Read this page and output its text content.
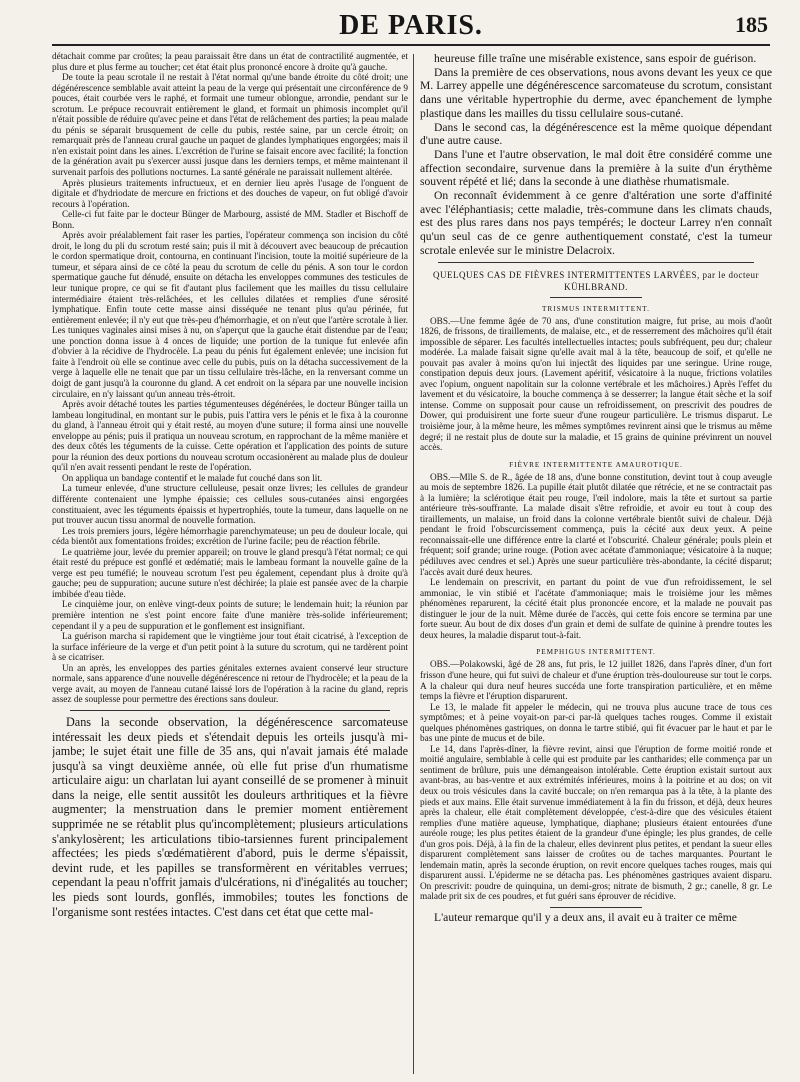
DE PARIS.	185

détachait comme par croûtes; la peau paraissait être dans un état de contractilité augmentée, et plus dure et plus ferme au toucher; cet état était plus prononcé encore à droite qu'à gauche.

De toute la peau scrotale il ne restait à l'état normal qu'une bande étroite du côté droit; une dégénérescence semblable avait atteint la peau de la verge qui présentait une circonférence de 9 pouces, était courbée vers le raphé, et formait une tumeur oblongue, arrondie, pendant sur le scrotum. Le prépuce recouvrait entièrement le gland, et formait un phimosis incomplet qu'il n'était possible de réduire qu'avec peine et dans l'état de relâchement des parties; la peau malade du pénis se séparait brusquement de celle du pubis, restée saine, par un cercle étroit; on remarquait près de l'anneau crural gauche un paquet de glandes lymphatiques engorgées; mais il n'en existait point dans les aines. L'excrétion de l'urine se faisait encore avec facilité; la fonction de la génération avait pu s'exercer aussi jusque dans les derniers temps, et même maintenant il survenait parfois des pollutions nocturnes. La santé générale ne paraissait nullement altérée.

Après plusieurs traitements infructueux, et en dernier lieu après l'usage de l'onguent de digitale et d'hydriodate de mercure en frictions et des douches de vapeur, on fut obligé d'avoir recours à l'opération.

Celle-ci fut faite par le docteur Bünger de Marbourg, assisté de MM. Stadler et Bischoff de Bonn.

Après avoir préalablement fait raser les parties, l'opérateur commença son incision du côté droit, le long du pli du scrotum resté sain; puis il mit à découvert avec beaucoup de précaution le cordon spermatique droit, contourna, en continuant l'incision, toute la moitié supérieure de la tumeur, et sépara ainsi de ce côté la peau du scrotum de celle du pénis. A son tour le cordon spermatique gauche fut dénudé, ensuite on détacha les enveloppes communes des testicules de leur tunique propre, ce qui se fit d'autant plus facilement que les mailles du tissu cellulaire intermédiaire étaient très-relâchées, et les cellules dilatées et remplies d'une sérosité lymphatique. Enfin toute cette masse ainsi disséquée ne tenant plus qu'au périnée, fut entièrement enlevée; il n'y eut que très-peu d'hémorrhagie, et on n'eut que l'artère scrotale à lier. Les tuniques vaginales ainsi mises à nu, on s'aperçut que la gauche était distendue par de l'eau; une ponction donna issue à 4 onces de liquide; une portion de la tunique fut enlevée afin d'obvier à la récidive de l'hydrocèle. La peau du pénis fut également enlevée; une incision fut faite à l'endroit où elle se continue avec celle du pubis, puis on la détacha successivement de la verge à laquelle elle ne tenait que par un tissu cellulaire très-lâche, en la renversant comme un doigt de gant jusqu'à la couronne du gland. A cet endroit on la sépara par une nouvelle incision circulaire, en n'y laissant qu'un anneau très-étroit.

Après avoir détaché toutes les parties tégumenteuses dégénérées, le docteur Bünger tailla un lambeau longitudinal, en montant sur le pubis, puis l'attira vers le pénis et le fixa à la couronne du gland, à l'anneau étroit qui y était resté, au moyen d'une suture; il forma ainsi une nouvelle enveloppe au pénis; puis il pratiqua un nouveau scrotum, en rapprochant de la même manière et des deux côtés les téguments de la cuisse. Cette opération et l'application des points de suture pour la réunion des deux portions du nouveau scrotum occasionèrent au malade plus de douleur qu'il n'en avait ressenti pendant le reste de l'opération.

On appliqua un bandage contentif et le malade fut couché dans son lit.

La tumeur enlevée, d'une structure celluleuse, pesait onze livres; les cellules de grandeur différente contenaient une lymphe épaissie; ces cellules sous-cutanées ainsi engorgées constituaient, avec les téguments épaissis et hypertrophiés, toute la tumeur, dans laquelle on ne put trouver aucun tissu anormal de nouvelle formation.

Les trois premiers jours, légère hémorrhagie parenchymateuse; un peu de douleur locale, qui céda bientôt aux fomentations froides; excrétion de l'urine facile; peu de réaction fébrile.

Le quatrième jour, levée du premier appareil; on trouve le gland presqu'à l'état normal; ce qui était resté du prépuce est gonflé et œdématié; mais le lambeau formant la nouvelle gaîne de la verge est peu tuméfié; le nouveau scrotum l'est peu également, cependant plus à droite qu'à gauche; peu de suppuration; aucune suture n'est déchirée; la plaie est pansée avec de la charpie imbibée d'eau tiède.

Le cinquième jour, on enlève vingt-deux points de suture; le lendemain huit; la réunion par première intention ne s'est point encore faite d'une manière très-solide inférieurement; cependant il y a peu de suppuration et le gonflement est insignifiant.

La guérison marcha si rapidement que le vingtième jour tout était cicatrisé, à l'exception de la surface inférieure de la verge et d'un petit point à la suture du scrotum, qui ne tardèrent point à se cicatriser.

Un an après, les enveloppes des parties génitales externes avaient conservé leur structure normale, sans apparence d'une nouvelle dégénérescence ni retour de l'hydrocèle; et la peau de la verge avait, au moyen de l'anneau cutané laissé lors de l'opération à la racine du gland, repris assez de souplesse pour permettre des érections sans douleur.

Dans la seconde observation, la dégénérescence sarcomateuse intéressait les deux pieds et s'étendait depuis les orteils jusqu'à mi-jambe; le sujet était une fille de 35 ans, qui n'avait jamais été malade jusqu'à sa vingt deuxième année, où elle fut prise d'un rhumatisme articulaire aigu: un charlatan lui ayant conseillé de se promener à minuit dans la neige, elle sentit aussitôt les douleurs arthritiques et la fièvre augmenter; la menstruation dans le premier moment entièrement supprimée ne se rétablit plus qu'incomplètement; plusieurs articulations s'ankylosèrent; les articulations tibio-tarsiennes furent principalement affectées; les pieds s'œdématièrent d'abord, puis le derme s'épaissit, devint rude, et les papilles se transformèrent en véritables verrues; cependant la peau n'offrit jamais d'ulcérations, ni d'inégalités au toucher; les pieds sont lourds, gonflés, immobiles; toutes les fonctions de l'organisme sont restées intactes. C'est dans cet état que cette mal-

heureuse fille traîne une misérable existence, sans espoir de guérison.

Dans la première de ces observations, nous avons devant les yeux ce que M. Larrey appelle une dégénérescence sarcomateuse du scrotum, consistant dans une véritable hypertrophie du derme, avec épanchement de lymphe plastique dans les mailles du tissu cellulaire sous-cutané.

Dans le second cas, la dégénérescence est la même quoique dépendant d'une autre cause.

Dans l'une et l'autre observation, le mal doit être considéré comme une affection secondaire, survenue dans la première à la suite d'un érythème souvent répété et lié; dans la seconde à une diathèse rhumatismale.

On reconnaît évidemment à ce genre d'altération une sorte d'affinité avec l'éléphantiasis; cette maladie, très-commune dans les climats chauds, est des plus rares dans nos pays tempérés; le docteur Larrey n'en connaît qu'un seul cas de ce genre authentiquement constaté, c'est la tumeur scrotale enlevée sur le ministre Delacroix.

QUELQUES CAS DE FIÈVRES INTERMITTENTES LARVÉES, par le docteur KÜHLBRAND.
TRISMUS INTERMITTENT.

OBS.—Une femme âgée de 70 ans, d'une constitution maigre, fut prise, au mois d'août 1826, de frissons, de tiraillements, de malaise, etc., et de resserrement des mâchoires qu'il était impossible de séparer. Les facultés intellectuelles intactes; pouls subfréquent, peu dur; chaleur modérée. La malade faisait signe qu'elle avait mal à la tête, beaucoup de soif, et qu'elle ne pouvait pas avaler à moins qu'on lui injectât des liquides par une seringue. Urine rouge, constipation depuis deux jours. (Lavement apéritif, vésicatoire à la nuque, frictions volatiles avec l'opium, onguent napolitain sur la colonne vertébrale et les mâchoires.) Après l'effet du lavement et du vésicatoire, la bouche commença à se desserrer; la langue était sèche et la soif intense. Comme on supposait pour cause un refroidissement, on prescrivit des poudres de Dower, qui produisirent une forte sueur d'une rougeur particulière. Le trismus disparut. Le troisième jour, à la même heure, les mêmes symptômes revinrent ainsi que le trismus au même degré; il ne restait plus de doute sur la maladie, et 15 grains de quinine prévinrent un nouvel accès.

FIÈVRE INTERMITTENTE AMAUROTIQUE.

OBS.—Mlle S. de R., âgée de 18 ans, d'une bonne constitution, devint tout à coup aveugle au mois de septembre 1826. La pupille était plutôt dilatée que rétrécie, et ne se contractait pas à la lumière; la sclérotique était peu rouge, l'œil indolore, mais la tête et surtout sa partie antérieure très-souffrante. La malade disait s'être refroidie, et avoir eu tout à coup des tiraillements, un malaise, un froid dans la colonne vertébrale bientôt suivi de chaleur. Déjà pendant le froid l'obscurcissement commença, puis la cécité aux deux yeux. A peine reconnaissait-elle une différence entre la clarté et l'obscurité. Chaleur générale; pouls plein et fréquent; soif grande; urine rouge. (Potion avec acétate d'ammoniaque; vésicatoire à la nuque; pédiluves avec cendres et sel.) Après une sueur particulière très-abondante, la cécité disparut; l'accès avait duré deux heures.

Le lendemain on prescrivit, en partant du point de vue d'un refroidissement, le sel ammoniac, le vin stibié et l'acétate d'ammoniaque; mais le troisième jour les mêmes phénomènes reparurent, la cécité était plus prononcée encore, et la malade ne pouvait pas distinguer le jour de la nuit. Même durée de l'accès, qui cette fois encore se termina par une forte sueur. Au bout de dix doses d'un grain et demi de sulfate de quinine à prendre toutes les deux heures, la maladie disparut tout-à-fait.

PEMPHIGUS INTERMITTENT.

OBS.—Polakowski, âgé de 28 ans, fut pris, le 12 juillet 1826, dans l'après dîner, d'un fort frisson d'une heure, qui fut suivi de chaleur et d'une éruption très-douloureuse sur tout le corps. A la chaleur qui dura neuf heures succéda une forte transpiration particulière, et en même temps la fièvre et l'éruption disparurent.

Le 13, le malade fit appeler le médecin, qui ne trouva plus aucune trace de tous ces symptômes; et à peine voyait-on par-ci par-là quelques taches rouges. Comme il existait quelques phénomènes gastriques, on donna le tartre stibié, qui fit évacuer par le haut et par le bas une pinte de mucus et de bile.

Le 14, dans l'après-dîner, la fièvre revint, ainsi que l'éruption de forme moitié ronde et moitié angulaire, semblable à celle qui est produite par les cantharides; elle commença par un sentiment de brûlure, puis une démangeaison intolérable. Cette éruption existait surtout aux avant-bras, au bas-ventre et aux extrémités inférieures, moins à la poitrine et au dos; on vit deux ou trois vésicules dans la cavité buccale; on n'en remarqua pas à la tête, à la plante des pieds et aux mains. Elle était survenue immédiatement à la fin du frisson, et déjà, deux heures après la chaleur, elle était complètement développée, c'est-à-dire que des vésicules étaient remplies d'une matière aqueuse, lymphatique, diaphane; plusieurs étaient entourées d'une auréole rouge; les plus petites étaient de la grandeur d'une épingle; les plus grandes, de celle d'un gros pois. Déjà, à la fin de la chaleur, elles devinrent plus petites, et pendant la sueur elles disparurent complètement sans laisser de croûtes ou de taches marquantes. Pourtant le lendemain matin, après la seconde éruption, on revit encore quelques taches rouges, mais qui disparurent aussi. L'épiderme ne se détacha pas. Les phénomènes gastriques avaient disparu. On prescrivit: poudre de quinquina, un demi-gros; nitrate de bismuth, 2 gr.; canelle, 8 gr. Le malade prit six de ces poudres, et fut guéri sans éprouver de récidive.

L'auteur remarque qu'il y a deux ans, il avait eu à traiter ce même
